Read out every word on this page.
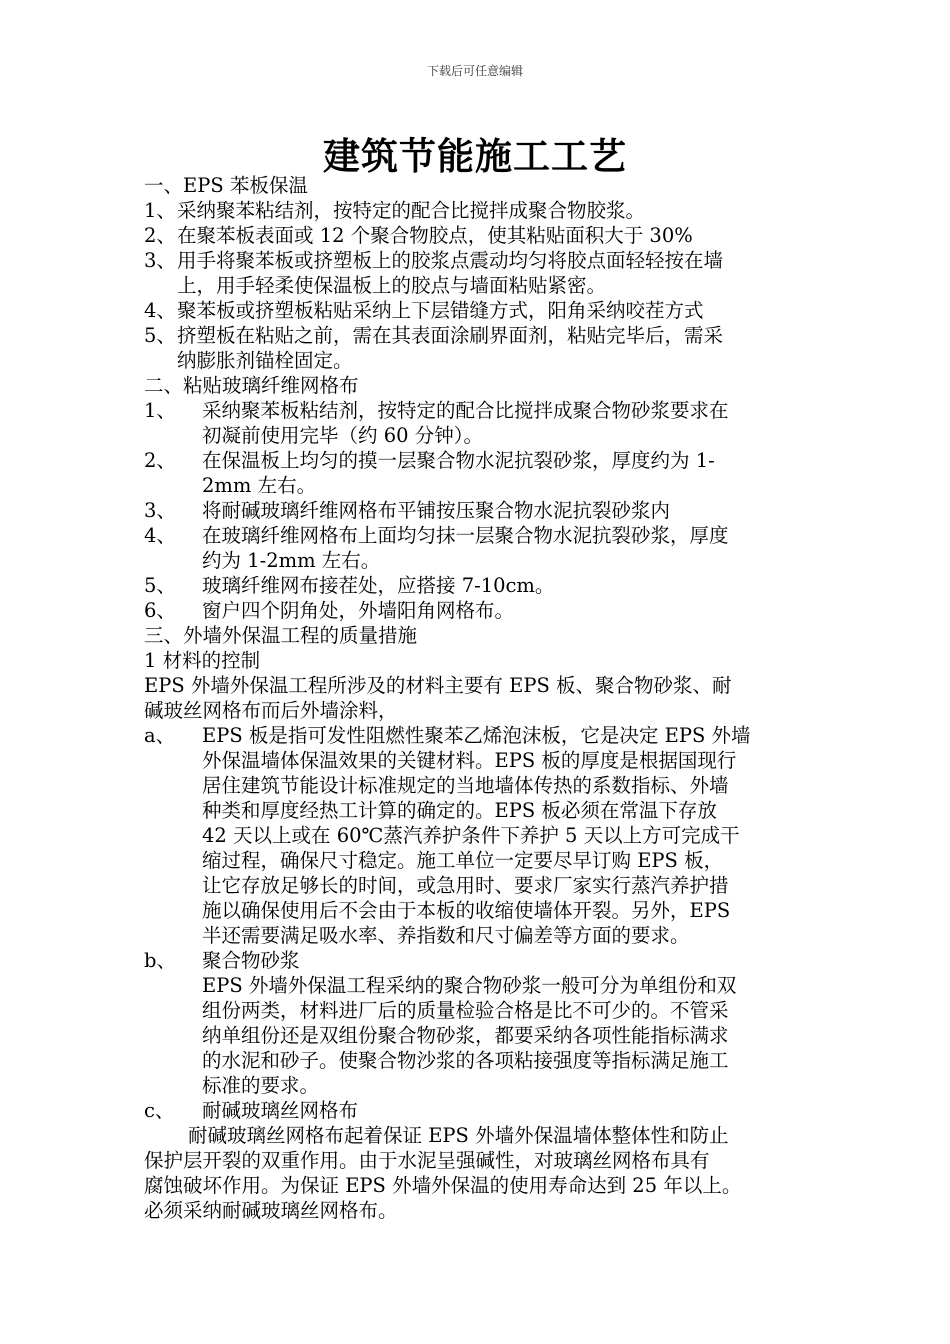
下载后可任意编辑
建筑节能施工工艺
一、EPS 苯板保温
1、 采纳聚苯粘结剂，按特定的配合比搅拌成聚合物胶浆。
2、 在聚苯板表面或 12 个聚合物胶点，使其粘贴面积大于 30%
3、 用手将聚苯板或挤塑板上的胶浆点震动均匀将胶点面轻轻按在墙
上，用手轻柔使保温板上的胶点与墙面粘贴紧密。
4、 聚苯板或挤塑板粘贴采纳上下层错缝方式，阳角采纳咬茬方式
5、 挤塑板在粘贴之前，需在其表面涂刷界面剂，粘贴完毕后，需采
纳膨胀剂锚栓固定。
二、粘贴玻璃纤维网格布
1、	采纳聚苯板粘结剂，按特定的配合比搅拌成聚合物砂浆要求在
初凝前使用完毕（约 60 分钟）。
2、	在保温板上均匀的摸一层聚合物水泥抗裂砂浆，厚度约为 1-
2mm 左右。
3、	将耐碱玻璃纤维网格布平铺按压聚合物水泥抗裂砂浆内
4、	在玻璃纤维网格布上面均匀抹一层聚合物水泥抗裂砂浆，厚度
约为 1-2mm 左右。
5、	玻璃纤维网布接茬处，应搭接 7-10cm。
6、	窗户四个阴角处，外墙阳角网格布。
三、外墙外保温工程的质量措施
1 材料的控制
EPS 外墙外保温工程所涉及的材料主要有 EPS 板、聚合物砂浆、耐
碱玻丝网格布而后外墙涂料，
a、	EPS 板是指可发性阻燃性聚苯乙烯泡沫板，它是决定 EPS 外墙
外保温墙体保温效果的关键材料。EPS 板的厚度是根据国现行
居住建筑节能设计标准规定的当地墙体传热的系数指标、外墙
种类和厚度经热工计算的确定的。EPS 板必须在常温下存放
42 天以上或在 60℃蒸汽养护条件下养护 5 天以上方可完成干
缩过程，确保尺寸稳定。施工单位一定要尽早订购 EPS 板，
让它存放足够长的时间，或急用时、要求厂家实行蒸汽养护措
施以确保使用后不会由于本板的收缩使墙体开裂。另外，EPS
半还需要满足吸水率、养指数和尺寸偏差等方面的要求。
b、	聚合物砂浆
EPS 外墙外保温工程采纳的聚合物砂浆一般可分为单组份和双
组份两类，材料进厂后的质量检验合格是比不可少的。不管采
纳单组份还是双组份聚合物砂浆，都要采纳各项性能指标满求
的水泥和砂子。使聚合物沙浆的各项粘接强度等指标满足施工
标准的要求。
c、	耐碱玻璃丝网格布
耐碱玻璃丝网格布起着保证 EPS 外墙外保温墙体整体性和防止
保护层开裂的双重作用。由于水泥呈强碱性，对玻璃丝网格布具有
腐蚀破坏作用。为保证 EPS 外墙外保温的使用寿命达到 25 年以上。
必须采纳耐碱玻璃丝网格布。
